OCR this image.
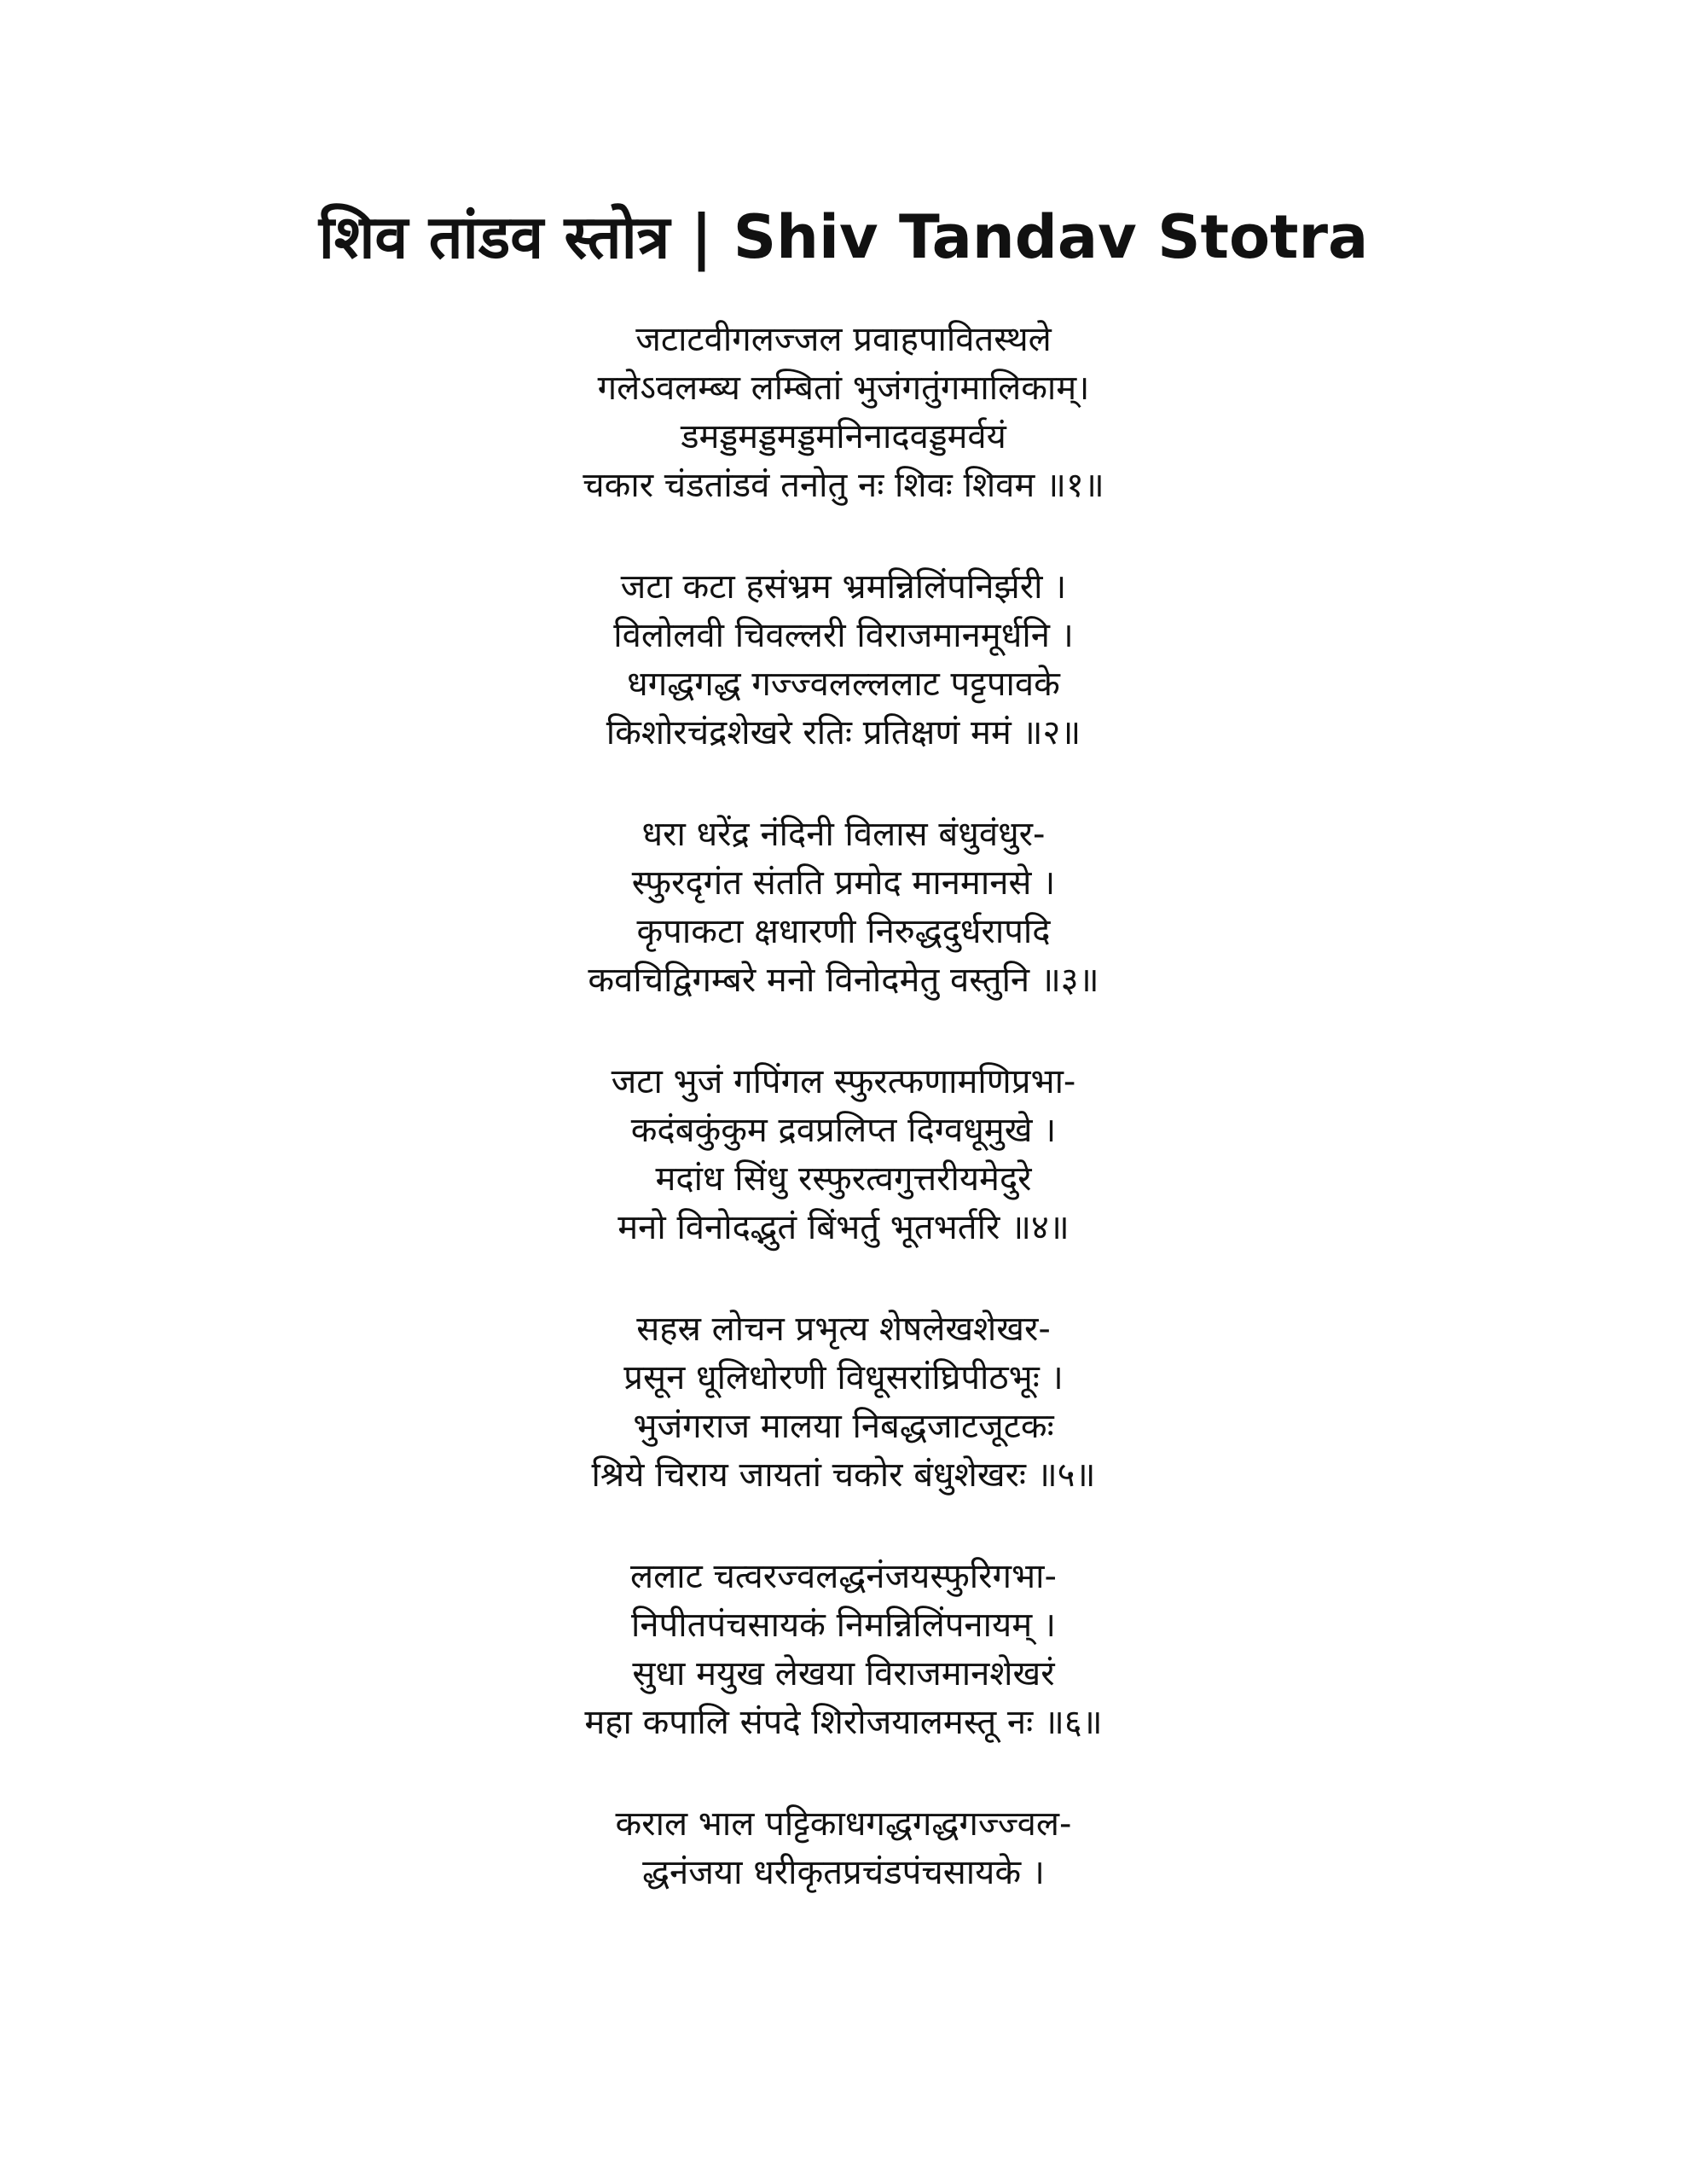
शिव तांडव स्तोत्र | Shiv Tandav Stotra
जटाटवीगलज्जल प्रवाहपावितस्थले
गलेऽवलम्ब्य लम्बितां भुजंगतुंगमालिकाम्।
डमड्डमड्डमड्डमनिनादवड्डमर्वयं
चकार चंडतांडवं तनोतु नः शिवः शिवम ॥१॥
जटा कटा हसंभ्रम भ्रमन्निलिंपनिर्झरी ।
विलोलवी चिवल्लरी विराजमानमूर्धनि ।
धगद्धगद्ध गज्ज्वलल्ललाट पट्टपावके
किशोरचंद्रशेखरे रतिः प्रतिक्षणं ममं ॥२॥
धरा धरेंद्र नंदिनी विलास बंधुवंधुर-
स्फुरदृगंत संतति प्रमोद मानमानसे ।
कृपाकटा क्षधारणी निरुद्धदुर्धरापदि
कवचिद्विगम्बरे मनो विनोदमेतु वस्तुनि ॥३॥
जटा भुजं गपिंगल स्फुरत्फणामणिप्रभा-
कदंबकुंकुम द्रवप्रलिप्त दिग्वधूमुखे ।
मदांध सिंधु रस्फुरत्वगुत्तरीयमेदुरे
मनो विनोदद्भुतं बिंभर्तु भूतभर्तरि ॥४॥
सहस्र लोचन प्रभृत्य शेषलेखशेखर-
प्रसून धूलिधोरणी विधूसरांघ्रिपीठभूः ।
भुजंगराज मालया निबद्धजाटजूटकः
श्रिये चिराय जायतां चकोर बंधुशेखरः ॥५॥
ललाट चत्वरज्वलद्धनंजयस्फुरिगभा-
निपीतपंचसायकं निमन्निलिंपनायम् ।
सुधा मयुख लेखया विराजमानशेखरं
महा कपालि संपदे शिरोजयालमस्तू नः ॥६॥
कराल भाल पट्टिकाधगद्धगद्धगज्ज्वल-
द्धनंजया धरीकृतप्रचंडपंचसायके ।
